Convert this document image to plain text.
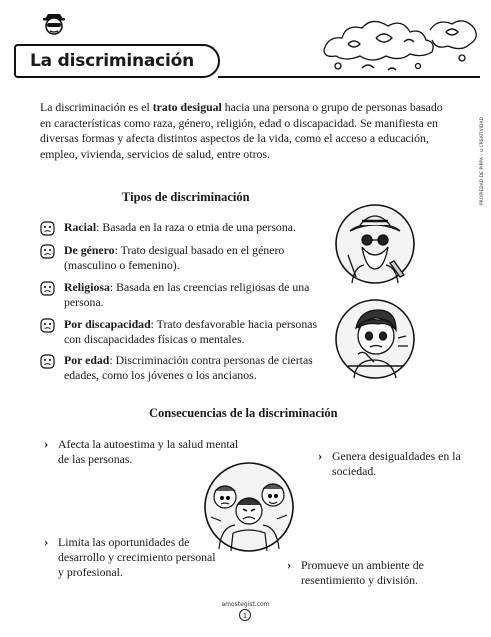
La discriminación
PROPIEDAD DE PIPPA · ©CREATIVIDAD
La discriminación es el trato desigual hacia una persona o grupo de personas basado en características como raza, género, religión, edad o discapacidad. Se manifiesta en diversas formas y afecta distintos aspectos de la vida, como el acceso a educación, empleo, vivienda, servicios de salud, entre otros.
Tipos de discriminación
Racial: Basada en la raza o etnia de una persona.
De género: Trato desigual basado en el género (masculino o femenino).
Religiosa: Basada en las creencias religiosas de una persona.
Por discapacidad: Trato desfavorable hacia personas con discapacidades físicas o mentales.
Por edad: Discriminación contra personas de ciertas edades, como los jóvenes o los ancianos.
Consecuencias de la discriminación
› Afecta la autoestima y la salud mental de las personas.	› Genera desigualdades en la sociedad.
› Limita las oportunidades de desarrollo y crecimiento personal y profesional.	› Promueve un ambiente de resentimiento y división.
amostegist.com
1
